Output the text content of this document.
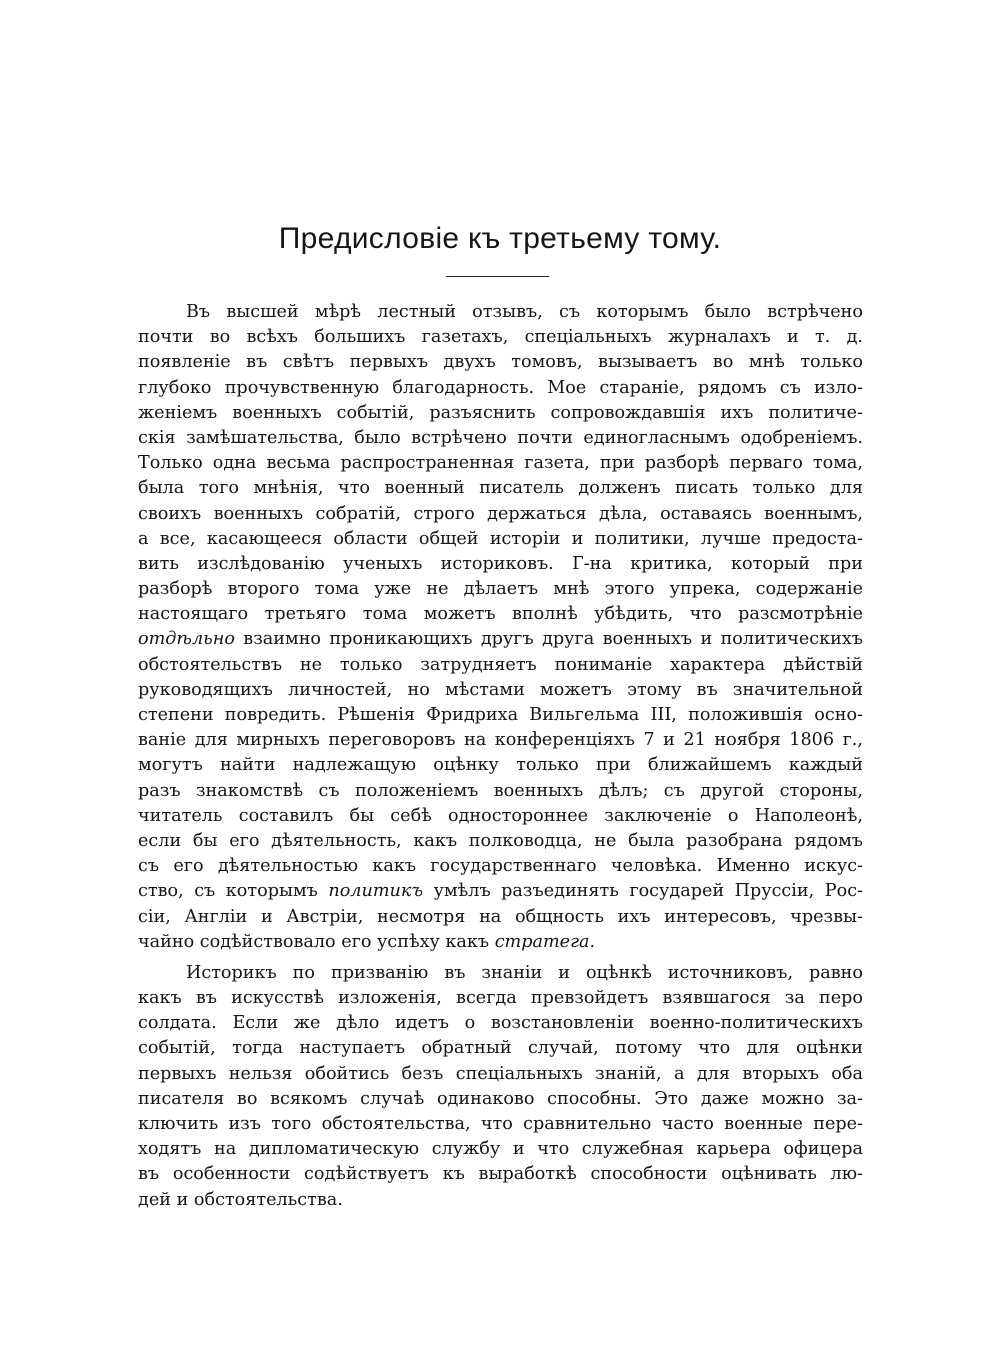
Предисловіе къ третьему тому.
Въ высшей мѣрѣ лестный отзывъ, съ которымъ было встрѣчено
почти во всѣхъ большихъ газетахъ, спеціальныхъ журналахъ и т. д.
появленіе въ свѣтъ первыхъ двухъ томовъ, вызываетъ во мнѣ только
глубоко прочувственную благодарность. Мое стараніе, рядомъ съ изло-
женіемъ военныхъ событій, разъяснить сопровождавшія ихъ политиче-
скія замѣшательства, было встрѣчено почти единогласнымъ одобреніемъ.
Только одна весьма распространенная газета, при разборѣ перваго тома,
была того мнѣнія, что военный писатель долженъ писать только для
своихъ военныхъ собратій, строго держаться дѣла, оставаясь военнымъ,
а все, касающееся области общей исторіи и политики, лучше предоста-
вить изслѣдованію ученыхъ историковъ. Г-на критика, который при
разборѣ второго тома уже не дѣлаетъ мнѣ этого упрека, содержаніе
настоящаго третьяго тома можетъ вполнѣ убѣдить, что разсмотрѣніе
отдѣльно взаимно проникающихъ другъ друга военныхъ и политическихъ
обстоятельствъ не только затрудняетъ пониманіе характера дѣйствій
руководящихъ личностей, но мѣстами можетъ этому въ значительной
степени повредить. Рѣшенія Фридриха Вильгельма III, положившія осно-
ваніе для мирныхъ переговоровъ на конференціяхъ 7 и 21 ноября 1806 г.,
могутъ найти надлежащую оцѣнку только при ближайшемъ каждый
разъ знакомствѣ съ положеніемъ военныхъ дѣлъ; съ другой стороны,
читатель составилъ бы себѣ одностороннее заключеніе о Наполеонѣ,
если бы его дѣятельность, какъ полководца, не была разобрана рядомъ
съ его дѣятельностью какъ государственнаго человѣка. Именно искус-
ство, съ которымъ политикъ умѣлъ разъединять государей Пруссіи, Рос-
сіи, Англіи и Австріи, несмотря на общность ихъ интересовъ, чрезвы-
чайно содѣйствовало его успѣху какъ стратега.
Историкъ по призванію въ знаніи и оцѣнкѣ источниковъ, равно
какъ въ искусствѣ изложенія, всегда превзойдетъ взявшагося за перо
солдата. Если же дѣло идетъ о возстановленіи военно-политическихъ
событій, тогда наступаетъ обратный случай, потому что для оцѣнки
первыхъ нельзя обойтись безъ спеціальныхъ знаній, а для вторыхъ оба
писателя во всякомъ случаѣ одинаково способны. Это даже можно за-
ключить изъ того обстоятельства, что сравнительно часто военные пере-
ходятъ на дипломатическую службу и что служебная карьера офицера
въ особенности содѣйствуетъ къ выработкѣ способности оцѣнивать лю-
дей и обстоятельства.
